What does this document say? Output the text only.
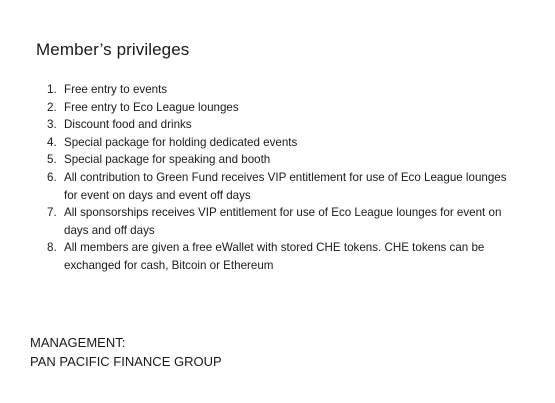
Member’s privileges
1. Free entry to events
2. Free entry to Eco League lounges
3. Discount food and drinks
4. Special package for holding dedicated events
5. Special package for speaking and booth
6. All contribution to Green Fund receives VIP entitlement for use of Eco League lounges for event on days and event off days
7. All sponsorships receives VIP entitlement for use of Eco League lounges for event on days and off days
8. All members are given a free eWallet with stored CHE tokens. CHE tokens can be exchanged for cash, Bitcoin or Ethereum
MANAGEMENT:
PAN PACIFIC FINANCE GROUP
